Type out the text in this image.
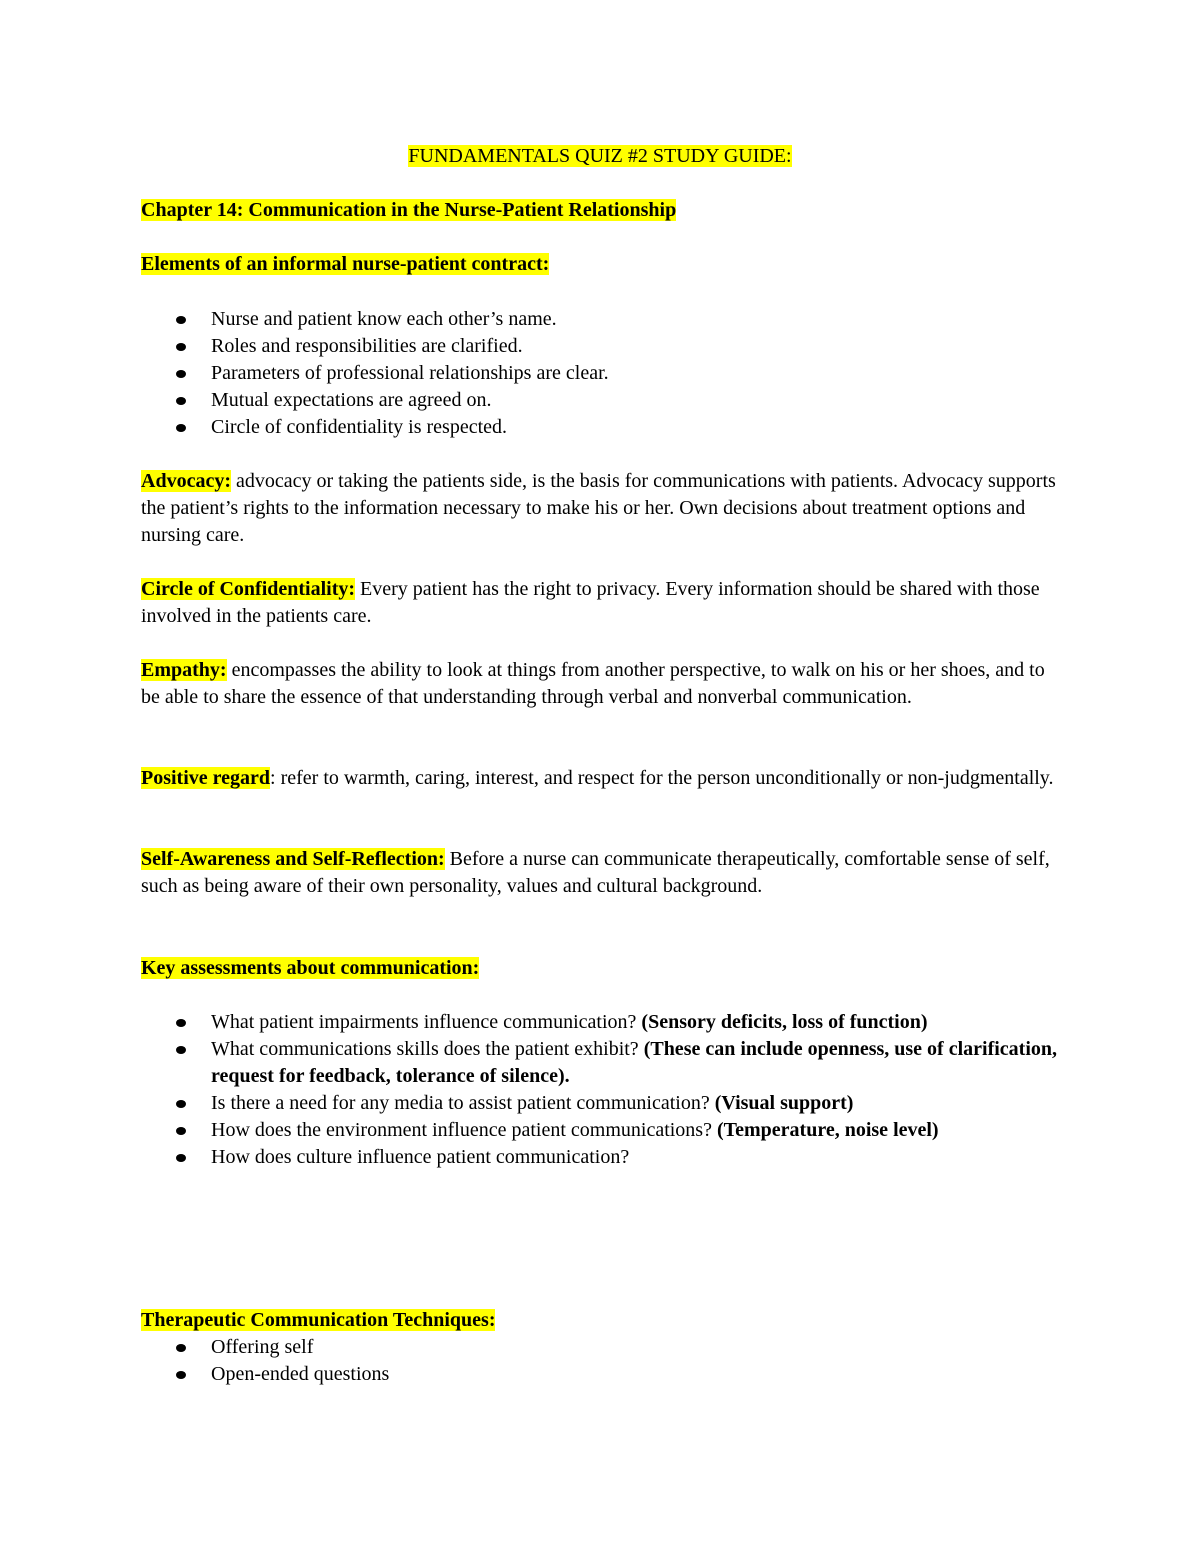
FUNDAMENTALS QUIZ #2 STUDY GUIDE:
Chapter 14: Communication in the Nurse-Patient Relationship
Elements of an informal nurse-patient contract:
Nurse and patient know each other’s name.
Roles and responsibilities are clarified.
Parameters of professional relationships are clear.
Mutual expectations are agreed on.
Circle of confidentiality is respected.
Advocacy: advocacy or taking the patients side, is the basis for communications with patients. Advocacy supports the patient’s rights to the information necessary to make his or her. Own decisions about treatment options and nursing care.
Circle of Confidentiality: Every patient has the right to privacy. Every information should be shared with those involved in the patients care.
Empathy: encompasses the ability to look at things from another perspective, to walk on his or her shoes, and to be able to share the essence of that understanding through verbal and nonverbal communication.
Positive regard: refer to warmth, caring, interest, and respect for the person unconditionally or non-judgmentally.
Self-Awareness and Self-Reflection: Before a nurse can communicate therapeutically, comfortable sense of self, such as being aware of their own personality, values and cultural background.
Key assessments about communication:
What patient impairments influence communication? (Sensory deficits, loss of function)
What communications skills does the patient exhibit? (These can include openness, use of clarification, request for feedback, tolerance of silence).
Is there a need for any media to assist patient communication? (Visual support)
How does the environment influence patient communications? (Temperature, noise level)
How does culture influence patient communication?
Therapeutic Communication Techniques:
Offering self
Open-ended questions
